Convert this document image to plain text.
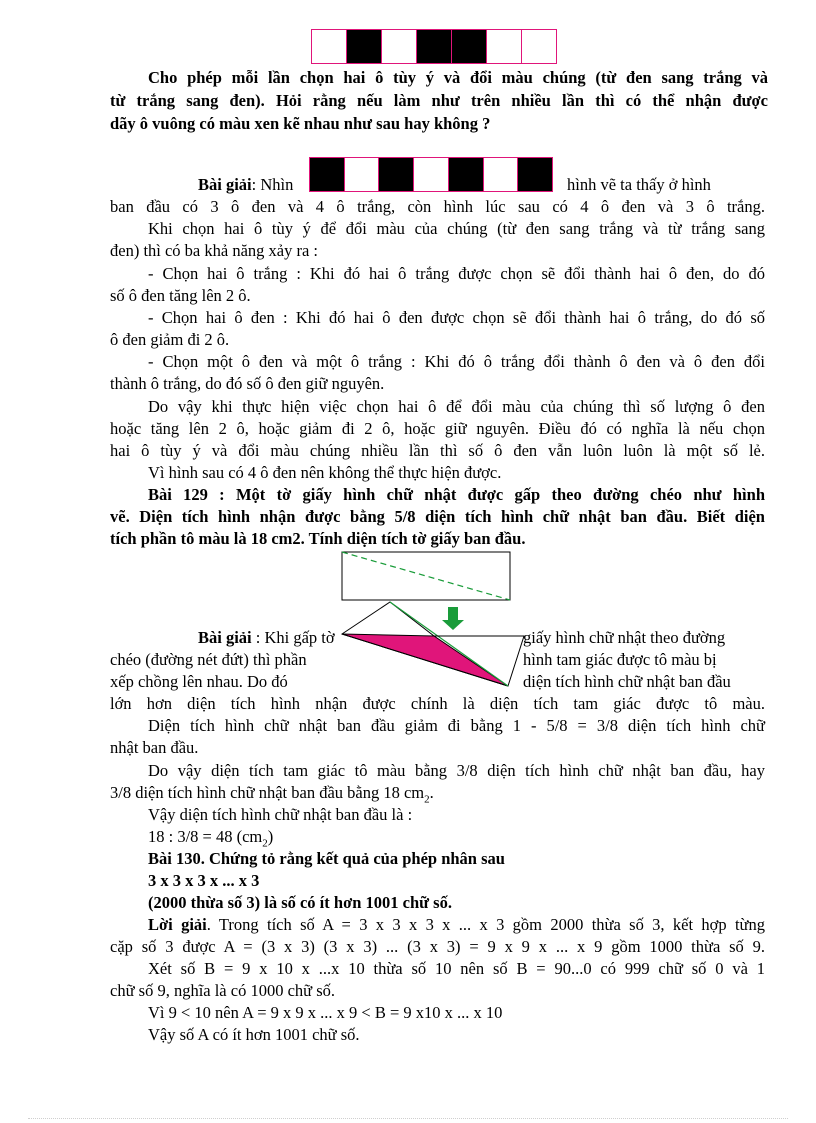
Cho phép mỗi lần chọn hai ô tùy ý và đổi màu chúng (từ đen sang trắng và
từ trắng sang đen). Hỏi rằng nếu làm như trên nhiều lần thì có thể nhận được
dãy ô vuông có màu xen kẽ nhau như sau hay không ?
Bài giải: Nhìn	hình vẽ ta thấy ở hình
ban đầu có 3 ô đen và 4 ô trắng, còn hình lúc sau có 4 ô đen và 3 ô trắng.
Khi chọn hai ô tùy ý để đổi màu của chúng (từ đen sang trắng và từ trắng sang
đen) thì có ba khả năng xảy ra :
- Chọn hai ô trắng : Khi đó hai ô trắng được chọn sẽ đổi thành hai ô đen, do đó
số ô đen tăng lên 2 ô.
- Chọn hai ô đen : Khi đó hai ô đen được chọn sẽ đổi thành hai ô trắng, do đó số
ô đen giảm đi 2 ô.
- Chọn một ô đen và một ô trắng : Khi đó ô trắng đổi thành ô đen và ô đen đổi
thành ô trắng, do đó số ô đen giữ nguyên.
Do vậy khi thực hiện việc chọn hai ô để đổi màu của chúng thì số lượng ô đen
hoặc tăng lên 2 ô, hoặc giảm đi 2 ô, hoặc giữ nguyên. Điều đó có nghĩa là nếu chọn
hai ô tùy ý và đổi màu chúng nhiều lần thì số ô đen vẫn luôn luôn là một số lẻ.
Vì hình sau có 4 ô đen nên không thể thực hiện được.
Bài 129 : Một tờ giấy hình chữ nhật được gấp theo đường chéo như hình
vẽ. Diện tích hình nhận được bằng 5/8 diện tích hình chữ nhật ban đầu. Biết diện
tích phần tô màu là 18 cm2. Tính diện tích tờ giấy ban đầu.
Bài giải : Khi gấp tờ	giấy hình chữ nhật theo đường
chéo (đường nét đứt) thì phần	hình tam giác được tô màu bị
xếp chồng lên nhau. Do đó	diện tích hình chữ nhật ban đầu
lớn hơn diện tích hình nhận được chính là diện tích tam giác được tô màu.
Diện tích hình chữ nhật ban đầu giảm đi bằng 1 - 5/8 = 3/8 diện tích hình chữ
nhật ban đầu.
Do vậy diện tích tam giác tô màu bằng 3/8 diện tích hình chữ nhật ban đầu, hay
3/8 diện tích hình chữ nhật ban đầu bằng 18 $cm_2$.
Vậy diện tích hình chữ nhật ban đầu là :
18 : 3/8 = 48 $(cm_2)$
Bài 130. Chứng tỏ rằng kết quả của phép nhân sau
3 x 3 x 3 x ... x 3
(2000 thừa số 3) là số có ít hơn 1001 chữ số.
Lời giải. Trong tích số A = 3 x 3 x 3 x ... x 3 gồm 2000 thừa số 3, kết hợp từng
cặp số 3 được A = (3 x 3) (3 x 3) ... (3 x 3) = 9 x 9 x ... x 9 gồm 1000 thừa số 9.
Xét số B = 9 x 10 x ...x 10 thừa số 10 nên số B = 90...0 có 999 chữ số 0 và 1
chữ số 9, nghĩa là có 1000 chữ số.
Vì 9 < 10 nên A = 9 x 9 x ... x 9 < B = 9 x10 x ... x 10
Vậy số A có ít hơn 1001 chữ số.
